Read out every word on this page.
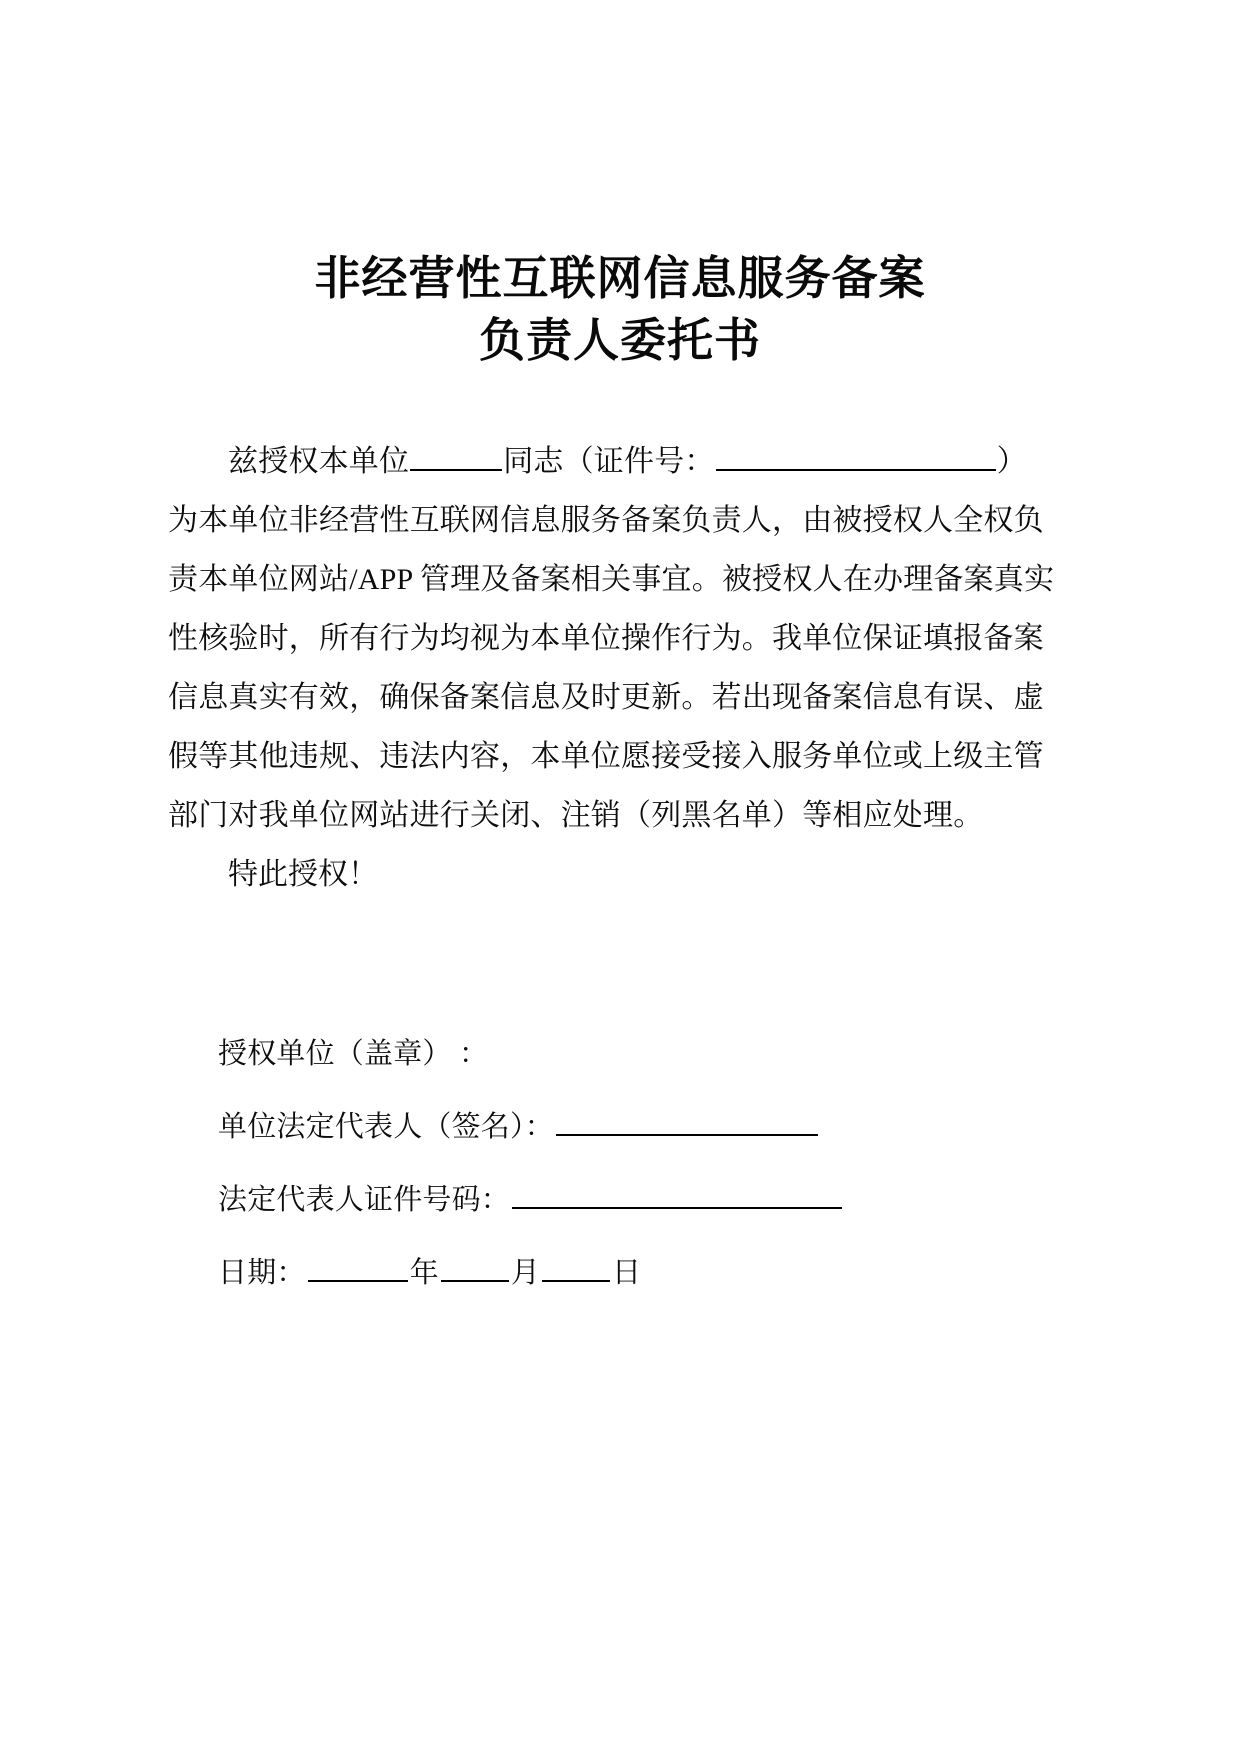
非经营性互联网信息服务备案
负责人委托书
兹授权本单位	同志（证件号：	）
为本单位非经营性互联网信息服务备案负责人，由被授权人全权负
责本单位网站/APP 管理及备案相关事宜。被授权人在办理备案真实
性核验时，所有行为均视为本单位操作行为。我单位保证填报备案
信息真实有效，确保备案信息及时更新。若出现备案信息有误、虚
假等其他违规、违法内容，本单位愿接受接入服务单位或上级主管
部门对我单位网站进行关闭、注销（列黑名单）等相应处理。
特此授权！
授权单位（盖章） ：
单位法定代表人（签名）：
法定代表人证件号码：
日期：	年 月 日
